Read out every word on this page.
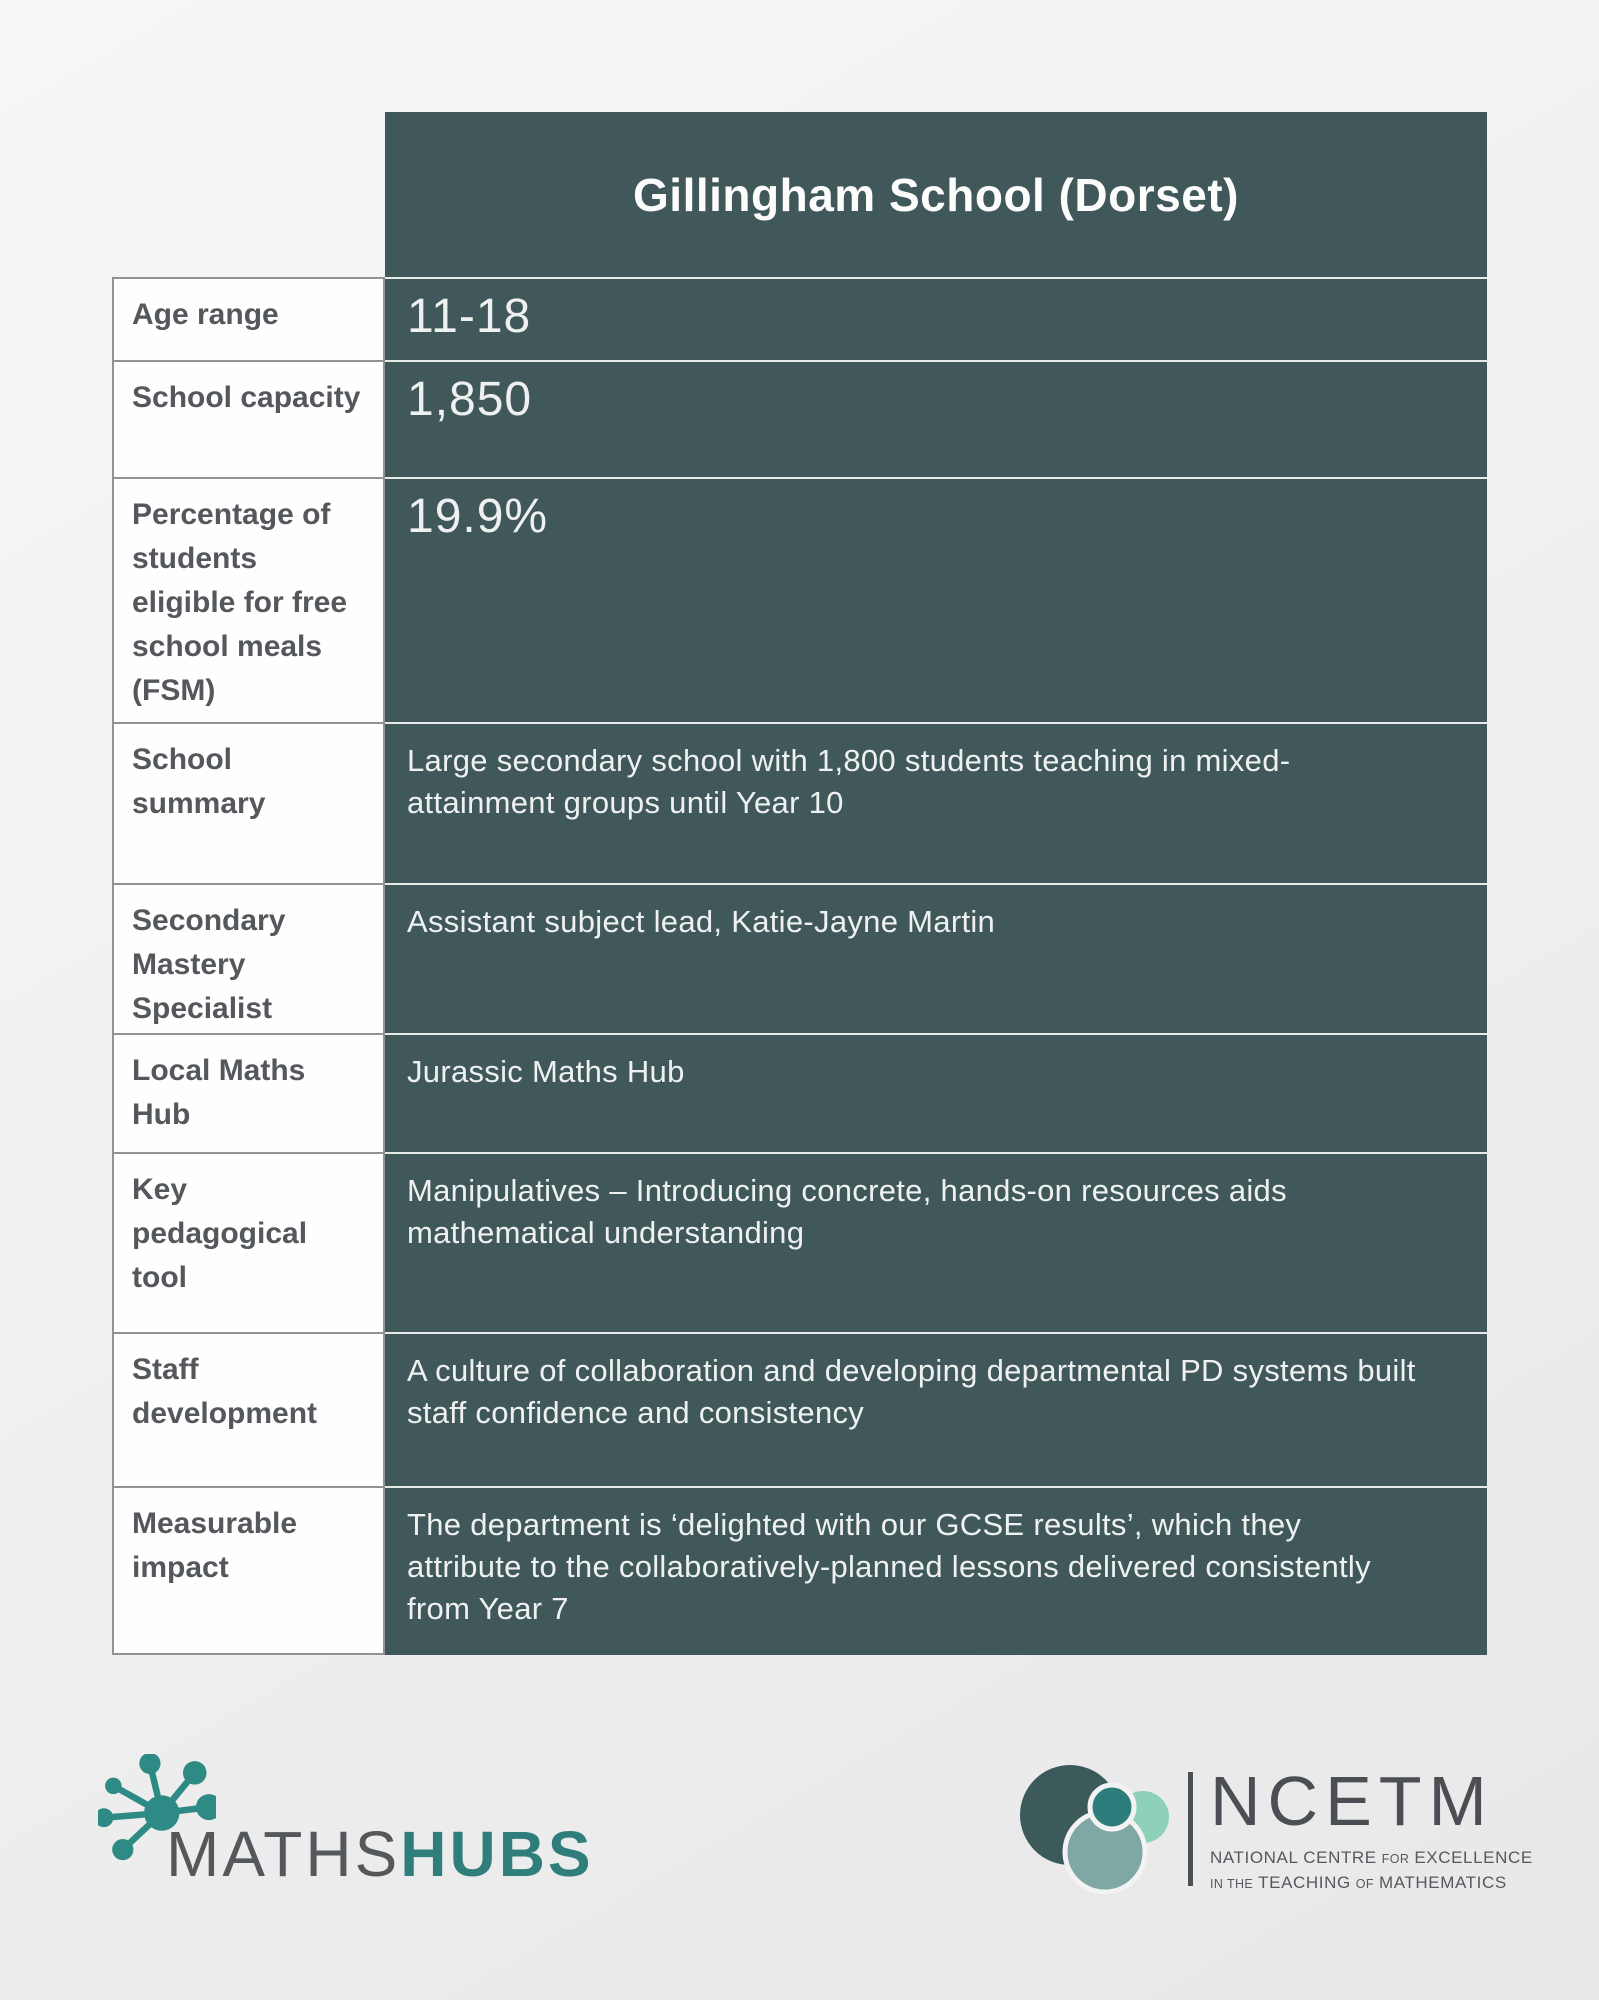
Gillingham School (Dorset)
Age range	11-18
School capacity 1,850
Percentage of students eligible for free school meals (FSM)
19.9%
School summary
Large secondary school with 1,800 students teaching in mixed-attainment groups until Year 10
Secondary Mastery Specialist
Assistant subject lead, Katie-Jayne Martin
Local Maths Hub
Jurassic Maths Hub
Key pedagogical tool
Manipulatives – Introducing concrete, hands-on resources aids mathematical understanding
Staff development
A culture of collaboration and developing departmental PD systems built staff confidence and consistency
Measurable impact
The department is ‘delighted with our GCSE results’, which they attribute to the collaboratively-planned lessons delivered consistently from Year 7
MATHSHUBS
NCETM
NATIONAL CENTRE FOR EXCELLENCE
IN THE TEACHING OF MATHEMATICS
